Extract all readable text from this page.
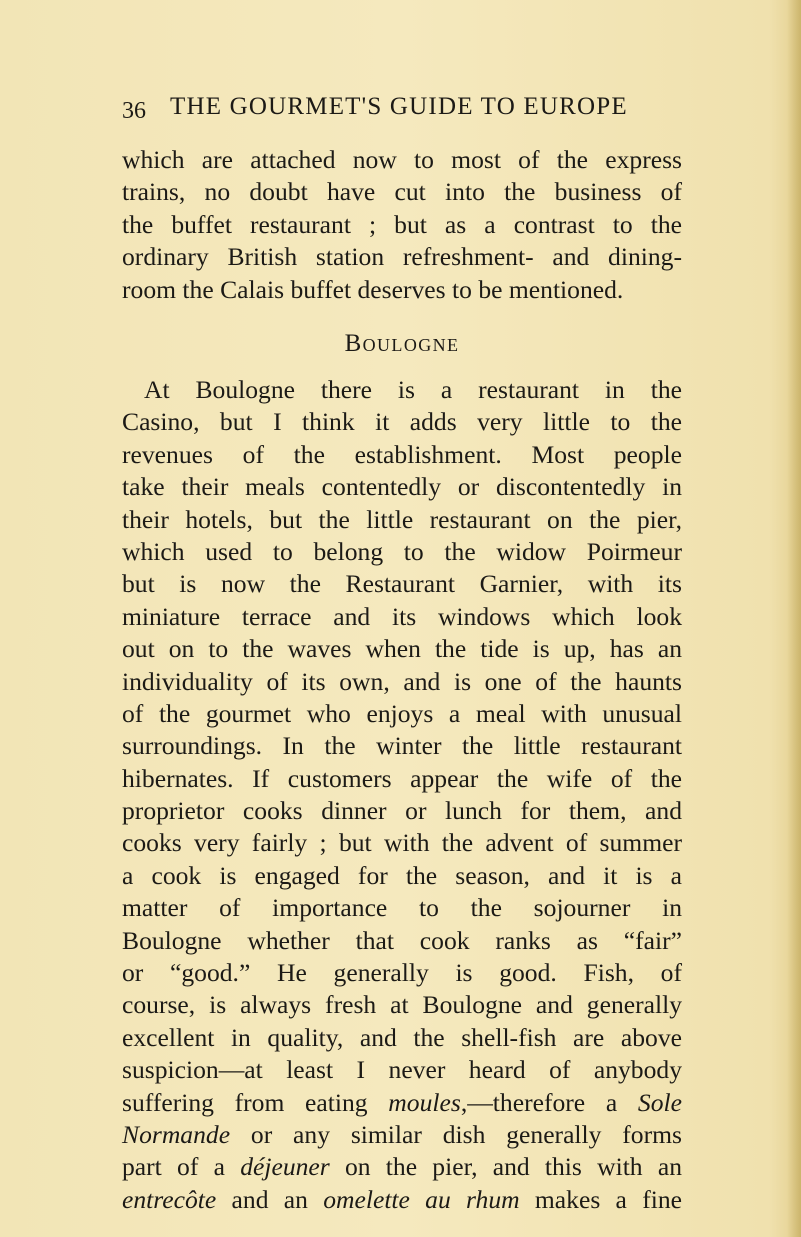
36 THE GOURMET'S GUIDE TO EUROPE
which are attached now to most of the express
trains, no doubt have cut into the business of
the buffet restaurant ; but as a contrast to the
ordinary British station refreshment- and dining-
room the Calais buffet deserves to be mentioned.
Boulogne
At Boulogne there is a restaurant in the
Casino, but I think it adds very little to the
revenues of the establishment. Most people
take their meals contentedly or discontentedly in
their hotels, but the little restaurant on the pier,
which used to belong to the widow Poirmeur
but is now the Restaurant Garnier, with its
miniature terrace and its windows which look
out on to the waves when the tide is up, has an
individuality of its own, and is one of the haunts
of the gourmet who enjoys a meal with unusual
surroundings. In the winter the little restaurant
hibernates. If customers appear the wife of the
proprietor cooks dinner or lunch for them, and
cooks very fairly ; but with the advent of summer
a cook is engaged for the season, and it is a
matter of importance to the sojourner in
Boulogne whether that cook ranks as “fair”
or “good.” He generally is good. Fish, of
course, is always fresh at Boulogne and generally
excellent in quality, and the shell-fish are above
suspicion—at least I never heard of anybody
suffering from eating moules,—therefore a Sole
Normande or any similar dish generally forms
part of a déjeuner on the pier, and this with an
entrecôte and an omelette au rhum makes a fine
